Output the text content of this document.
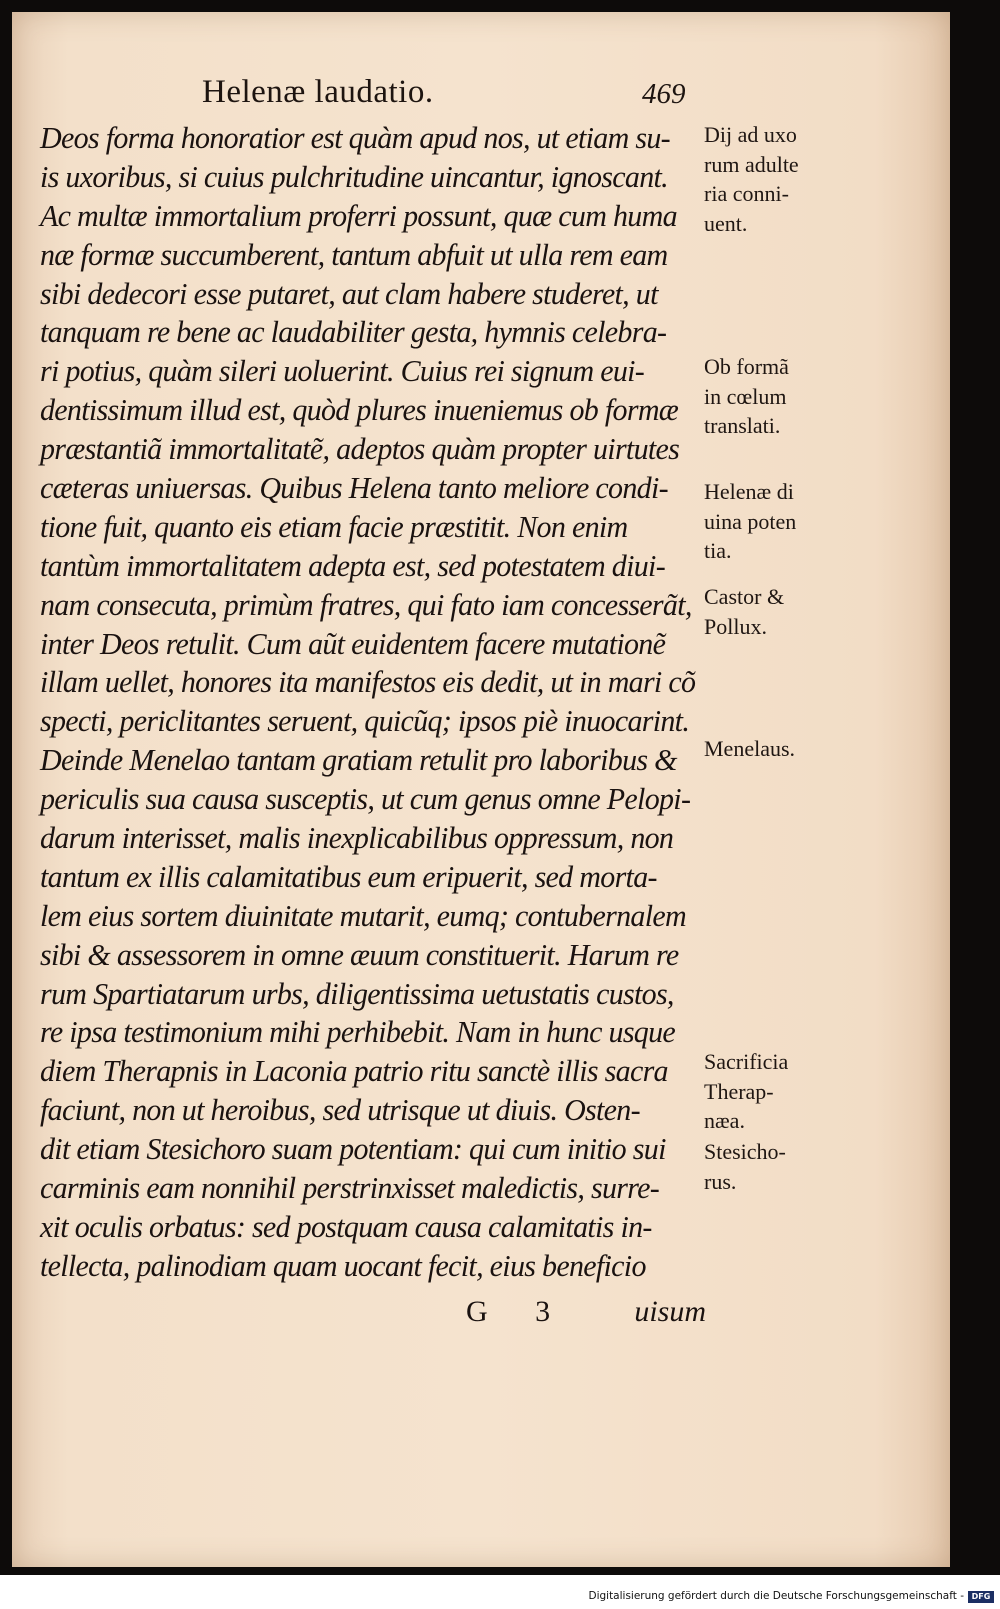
Helenæ laudatio.	469
Deos forma honoratior est quàm apud nos, ut etiam su-
is uxoribus, si cuius pulchritudine uincantur, ignoscant.
Ac multæ immortalium proferri possunt, quæ cum huma
næ formæ succumberent, tantum abfuit ut ulla rem eam
sibi dedecori esse putaret, aut clam habere studeret, ut
tanquam re bene ac laudabiliter gesta, hymnis celebra-
ri potius, quàm sileri uoluerint. Cuius rei signum eui-
dentissimum illud est, quòd plures inueniemus ob formæ
præstantiã immortalitatẽ, adeptos quàm propter uirtutes
cæteras uniuersas. Quibus Helena tanto meliore condi-
tione fuit, quanto eis etiam facie præstitit. Non enim
tantùm immortalitatem adepta est, sed potestatem diui-
nam consecuta, primùm fratres, qui fato iam concesserãt,
inter Deos retulit. Cum aũt euidentem facere mutationẽ
illam uellet, honores ita manifestos eis dedit, ut in mari cõ
specti, periclitantes seruent, quicũq; ipsos piè inuocarint.
Deinde Menelao tantam gratiam retulit pro laboribus &
periculis sua causa susceptis, ut cum genus omne Pelopi-
darum interisset, malis inexplicabilibus oppressum, non
tantum ex illis calamitatibus eum eripuerit, sed morta-
lem eius sortem diuinitate mutarit, eumq; contubernalem
sibi & assessorem in omne æuum constituerit. Harum re
rum Spartiatarum urbs, diligentissima uetustatis custos,
re ipsa testimonium mihi perhibebit. Nam in hunc usque
diem Therapnis in Laconia patrio ritu sanctè illis sacra
faciunt, non ut heroibus, sed utrisque ut diuis. Osten-
dit etiam Stesichoro suam potentiam: qui cum initio sui
carminis eam nonnihil perstrinxisset maledictis, surre-
xit oculis orbatus: sed postquam causa calamitatis in-
tellecta, palinodiam quam uocant fecit, eius beneficio
G 3 uisum
Dij ad uxo
rum adulte
ria conni-
uent.
Ob formã
in cœlum
translati.
Helenæ di
uina poten
tia.
Castor &
Pollux.
Menelaus.
Sacrificia
Therap-
næa.
Stesicho-
rus.
Digitalisierung gefördert durch die Deutsche Forschungsgemeinschaft - DFG
